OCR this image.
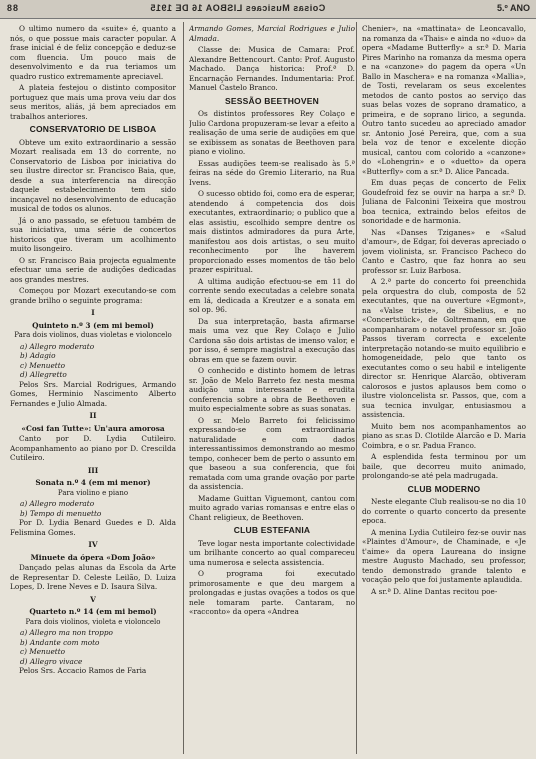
88	Coisas Musicaes LISBOA 16 DE 1915	5.º ANO

O ultimo numero da «suite» é, quanto a nós, o que possue mais caracter popular. A frase inicial é de feliz concepção e deduz-se com fluencia. Um pouco mais de desenvolvimento e da rua teriamos um quadro rustico extremamente apreciavel.

A plateia festejou o distinto compositor portuguez que mais uma prova veiu dar dos seus meritos, aliás, já bem apreciados em trabalhos anteriores.

CONSERVATORIO DE LISBOA

Obteve um exito extraordinario a sessão Mozart realisada em 13 do corrente, no Conservatorio de Lisboa por iniciativa do seu ilustre director sr. Francisco Baia, que, desde a sua interferencia na direcção daquele estabelecimento tem sido incançavel no desenvolvimento de educação musical de todos os alunos.

Já o ano passado, se efetuou também de sua iniciativa, uma série de concertos historicos que tiveram um acolhimento muito lisongeiro.

O sr. Francisco Baia projecta egualmente efectuar uma serie de audições dedicadas aos grandes mestres.

Começou por Mozart executando-se com grande brilho o seguinte programa:

I
Quinteto n.º 3 (em mi bemol)
Para dois violinos, duas violetas e violoncelo

a) Allegro moderato

b) Adagio

c) Menuetto

d) Allegretto

Pelos Srs. Marcial Rodrigues, Armando Gomes, Herminio Nascimento Alberto Fernandes e Julio Almada.

II
«Cosi fan Tutte»: Un'aura amorosa

Canto por D. Lydia Cutileiro. Acompanhamento ao piano por D. Crescilda Cutileiro.

III
Sonata n.º 4 (em mi menor)
Para violino e piano

a) Allegro moderato

b) Tempo di menuetto

Por D. Lydia Benard Guedes e D. Alda Felismina Gomes.

IV
Minuete da ópera «Dom João»

Dançado pelas alunas da Escola da Arte de Representar D. Celeste Leilão, D. Luiza Lopes, D. Irene Neves e D. Isaura Silva.

V
Quarteto n.º 14 (em mi bemol)
Para dois violinos, violeta e violoncelo

a) Allegro ma non troppo

b) Andante com moto

c) Menuetto

d) Allegro vivace

Pelos Srs. Accacio Ramos de Faria

Armando Gomes, Marcial Rodrigues e Julio Almada.

Classe de: Musica de Camara: Prof. Alexandre Bettencourt. Canto: Prof. Augusto Machado. Dança historica: Prof.ª D. Encarnação Fernandes. Indumentaria: Prof. Manuel Castelo Branco.

SESSÃO BEETHOVEN

Os distintos professores Rey Colaço e Julio Cardona propuzeram-se levar a efeito a realisação de uma serie de audições em que se exibissem as sonatas de Beethoven para piano e violino.

Essas audições teem-se realisado às 5.ª feiras na séde do Gremio Literario, na Rua Ivens.

O sucesso obtido foi, como era de esperar, atendendo á competencia dos dois executantes, extraordinario; o publico que a elas assistiu, escolhido sempre dentre os mais distintos admiradores da pura Arte, manifestou aos dois artistas, o seu muito reconhecimento por lhe haverem proporcionado esses momentos de tão belo prazer espiritual.

A ultima audição efectuou-se em 11 do corrente sendo executadas a celebre sonata em lá, dedicada a Kreutzer e a sonata em sol op. 96.

Da sua interpretação, basta afirmarse mais uma vez que Rey Colaço e Julio Cardona são dois artistas de imenso valor, e por isso, é sempre magistral a execução das obras em que se fazem ouvir.

O conhecido e distinto homem de letras sr. João de Melo Barreto fez nesta mesma audição uma interessante e erudita conferencia sobre a obra de Beethoven e muito especialmente sobre as suas sonatas.

O sr. Melo Barreto foi felicissimo expressando-se com extraordinaria naturalidade e com dados interessantissimos demonstrando ao mesmo tempo, conhecer bem de perto o assunto em que baseou a sua conferencia, que foi rematada com uma grande ovação por parte da assistencia.

Madame Guittan Viguemont, cantou com muito agrado varias romansas e entre elas o Chant religieux, de Beethoven.

CLUB ESTEFANIA

Teve logar nesta importante colectividade um brilhante concerto ao qual compareceu uma numerosa e selecta assistencia.

O programa foi executado primorosamente e que deu margem a prolongadas e justas ovações a todos os que nele tomaram parte. Cantaram, no «racconto» da opera «Andrea

Chenier», na «mattinata» de Leoncavallo, na romanza da «Thais» e ainda no «duo» da opera «Madame Butterfly» a sr.ª D. Maria Pires Marinho na romanza da mesma opera e na «canzone» do pagem da opera «Un Ballo in Maschera» e na romanza «Mallia», de Tosti, revelaram os seus excelentes metodos de canto postos ao serviço das suas belas vozes de soprano dramatico, a primeira, e de soprano lirico, a segunda. Outro tanto sucedeu ao apreciado amador sr. Antonio José Pereira, que, com a sua bela voz de tenor e excelente dicção musical, cantou com colorido a «canzone» do «Lohengrin» e o «duetto» da opera «Butterfly» com a sr.ª D. Alice Pancada.

Em duas peças de concerto de Felix Goudefroid fez se ouvir na harpa a sr.ª D. Juliana de Falconini Teixeira que mostrou boa tecnica, extraindo belos efeitos de sonoridade e de harmonia.

Nas «Danses Tziganes» e «Salud d'amour», de Edgar, foi deveras apreciado o jovem violinista, sr. Francisco Pacheco do Canto e Castro, que faz honra ao seu professor sr. Luiz Barbosa.

A 2.ª parte do concerto foi preenchida pela orquestra do club, composta de 52 executantes, que na ouverture «Egmont», na «Valse triste», de Sibelius, e no «Concertstück», de Goltremann, em que acompanharam o notavel professor sr. João Passos tiveram correcta e excelente interpretação notando-se muito equilibrio e homogeneidade, pelo que tanto os executantes como o seu habil e inteligente director sr. Henrique Alarcão, obtiveram calorosos e justos aplausos bem como o ilustre violoncelista sr. Passos, que, com a sua tecnica invulgar, entusiasmou a assistencia.

Muito bem nos acompanhamentos ao piano as sr.as D. Clotilde Alarcão e D. Maria Coimbra, e o sr. Padua Franco.

A esplendida festa terminou por um baile, que decorreu muito animado, prolongando-se até pela madrugada.

CLUB MODERNO

Neste elegante Club realisou-se no dia 10 do corrente o quarto concerto da presente epoca.

A menina Lydia Cutileiro fez-se ouvir nas «Plaintes d'Amour», de Chaminade, e «Je t'aime» da opera Laureana do insigne mestre Augusto Machado, seu professor, tendo demonstrado grande talento e vocação pelo que foi justamente aplaudida.

A sr.ª D. Aline Dantas recitou poe-
